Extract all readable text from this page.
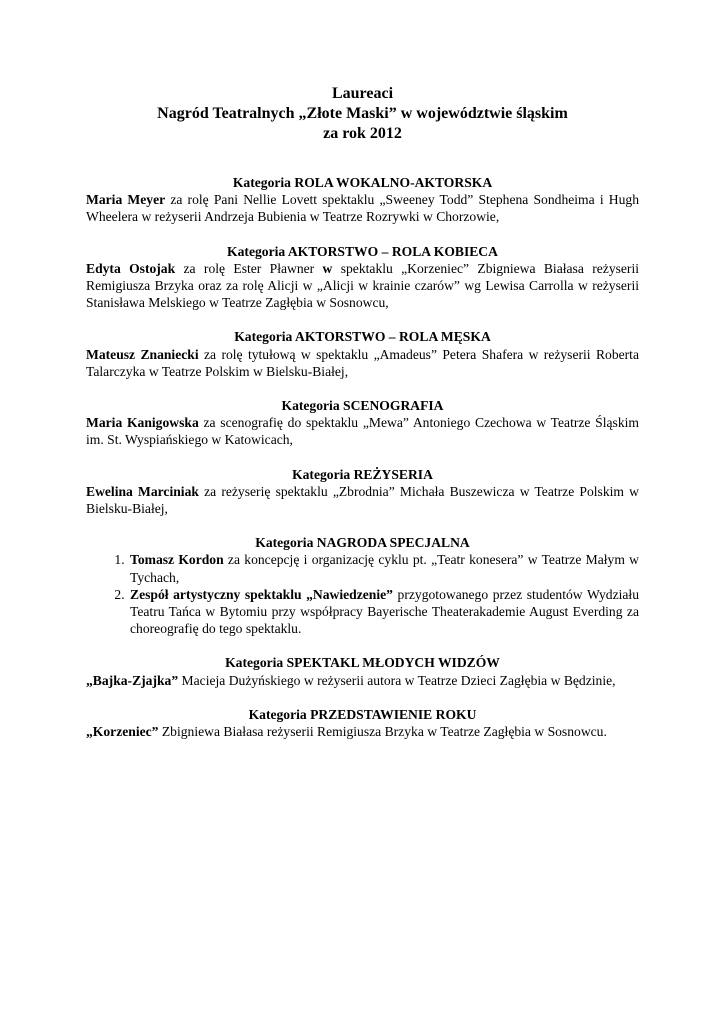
Laureaci
Nagród Teatralnych „Złote Maski” w województwie śląskim
za rok 2012
Kategoria ROLA WOKALNO-AKTORSKA
Maria Meyer za rolę Pani Nellie Lovett spektaklu „Sweeney Todd” Stephena Sondheima i Hugh Wheelera w reżyserii Andrzeja Bubienia w Teatrze Rozrywki w Chorzowie,
Kategoria AKTORSTWO – ROLA KOBIECA
Edyta Ostojak za rolę Ester Pławner w spektaklu „Korzeniec” Zbigniewa Białasa reżyserii Remigiusza Brzyka oraz za rolę Alicji w „Alicji w krainie czarów” wg Lewisa Carrolla w reżyserii Stanisława Melskiego w Teatrze Zagłębia w Sosnowcu,
Kategoria AKTORSTWO – ROLA MĘSKA
Mateusz Znaniecki za rolę tytułową w spektaklu „Amadeus” Petera Shafera w reżyserii Roberta Talarczyka w Teatrze Polskim w Bielsku-Białej,
Kategoria SCENOGRAFIA
Maria Kanigowska za scenografię do spektaklu „Mewa” Antoniego Czechowa w Teatrze Śląskim im. St. Wyspiańskiego w Katowicach,
Kategoria REŻYSERIA
Ewelina Marciniak za reżyserię spektaklu „Zbrodnia” Michała Buszewicza w Teatrze Polskim w Bielsku-Białej,
Kategoria NAGRODA SPECJALNA
1. Tomasz Kordon za koncepcję i organizację cyklu pt. „Teatr konesera” w Teatrze Małym w Tychach,
2. Zespół artystyczny spektaklu „Nawiedzenie” przygotowanego przez studentów Wydziału Teatru Tańca w Bytomiu przy współpracy Bayerische Theaterakademie August Everding za choreografię do tego spektaklu.
Kategoria SPEKTAKL MŁODYCH WIDZÓW
„Bajka-Zjajka” Macieja Dużyńskiego w reżyserii autora w Teatrze Dzieci Zagłębia w Będzinie,
Kategoria PRZEDSTAWIENIE ROKU
„Korzeniec” Zbigniewa Białasa reżyserii Remigiusza Brzyka w Teatrze Zagłębia w Sosnowcu.
